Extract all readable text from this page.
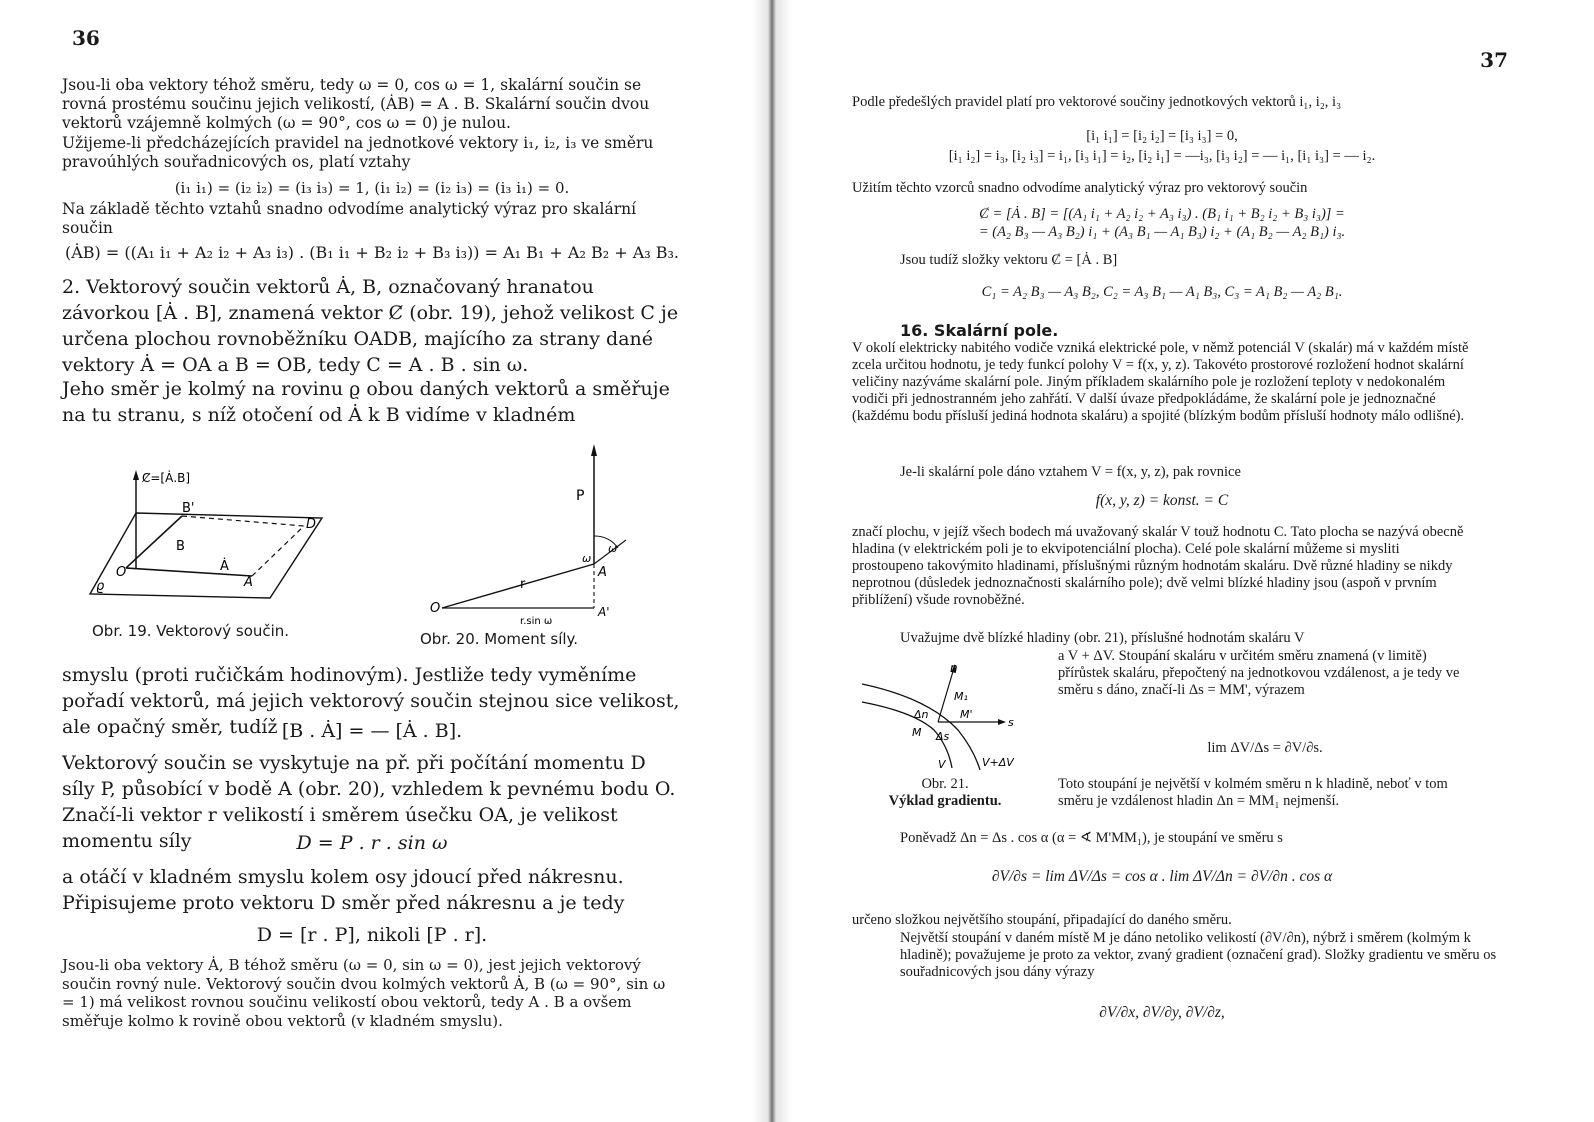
36
Jsou-li oba vektory téhož směru, tedy ω = 0, cos ω = 1, skalární součin se rovná prostému součinu jejich velikostí, (ȦB) = A . B. Skalární součin dvou vektorů vzájemně kolmých (ω = 90°, cos ω = 0) je nulou.
Užijeme-li předcházejících pravidel na jednotkové vektory i₁, i₂, i₃ ve směru pravoúhlých souřadnicových os, platí vztahy
(i₁ i₁) = (i₂ i₂) = (i₃ i₃) = 1, (i₁ i₂) = (i₂ i₃) = (i₃ i₁) = 0.
Na základě těchto vztahů snadno odvodíme analytický výraz pro skalární součin
(ȦB) = ((A₁ i₁ + A₂ i₂ + A₃ i₃) . (B₁ i₁ + B₂ i₂ + B₃ i₃)) = A₁ B₁ + A₂ B₂ + A₃ B₃.
2. Vektorový součin vektorů Ȧ, B, označovaný hranatou závorkou [Ȧ . B], znamená vektor Ȼ (obr. 19), jehož velikost C je určena plochou rovnoběžníku OADB, majícího za strany dané vektory Ȧ = OA a B = OB, tedy C = A . B . sin ω.
Jeho směr je kolmý na rovinu ϱ obou daných vektorů a směřuje na tu stranu, s níž otočení od Ȧ k B vidíme v kladném
Ȼ=[Ȧ.B]
B'
D
B
O	Ȧ
A
ϱ
Obr. 19. Vektorový součin.
P
ω
ω
r
A
O	A'
r.sin ω
Obr. 20. Moment síly.
smyslu (proti ručičkám hodinovým). Jestliže tedy vyměníme pořadí vektorů, má jejich vektorový součin stejnou sice velikost, ale opačný směr, tudíž [B . Ȧ] = — [Ȧ . B].
Vektorový součin se vyskytuje na př. při počítání momentu D síly P, působící v bodě A (obr. 20), vzhledem k pevnému bodu O. Značí-li vektor r velikostí i směrem úsečku OA, je velikost momentu síly	D = P . r . sin ω
a otáčí v kladném smyslu kolem osy jdoucí před nákresnu. Připisujeme proto vektoru D směr před nákresnu a je tedy
D = [r . P], nikoli [P . r].
Jsou-li oba vektory Ȧ, B téhož směru (ω = 0, sin ω = 0), jest jejich vektorový součin rovný nule. Vektorový součin dvou kolmých vektorů Ȧ, B (ω = 90°, sin ω = 1) má velikost rovnou součinu velikostí obou vektorů, tedy A . B a ovšem směřuje kolmo k rovině obou vektorů (v kladném smyslu).
37
Podle předešlých pravidel platí pro vektorové součiny jednotkových vektorů i₁, i₂, i₃
[i₁ i₁] = [i₂ i₂] = [i₃ i₃] = 0,
[i₁ i₂] = i₃, [i₂ i₃] = i₁, [i₃ i₁] = i₂, [i₂ i₁] = —i₃, [i₃ i₂] = — i₁, [i₁ i₃] = — i₂.
Užitím těchto vzorců snadno odvodíme analytický výraz pro vektorový součin
Ȼ = [Ȧ . B] = [(A₁ i₁ + A₂ i₂ + A₃ i₃) . (B₁ i₁ + B₂ i₂ + B₃ i₃)] =
= (A₂ B₃ — A₃ B₂) i₁ + (A₃ B₁ — A₁ B₃) i₂ + (A₁ B₂ — A₂ B₁) i₃.
Jsou tudíž složky vektoru Ȼ = [Ȧ . B]
C₁ = A₂ B₃ — A₃ B₂, C₂ = A₃ B₁ — A₁ B₃, C₃ = A₁ B₂ — A₂ B₁.
16. Skalární pole.
V okolí elektricky nabitého vodiče vzniká elektrické pole, v němž potenciál V (skalár) má v každém místě zcela určitou hodnotu, je tedy funkcí polohy V = f(x, y, z). Takovéto prostorové rozložení hodnot skalární veličiny nazýváme skalární pole. Jiným příkladem skalárního pole je rozložení teploty v nedokonalém vodiči při jednostranném jeho zahřátí. V další úvaze předpokládáme, že skalární pole je jednoznačné (každému bodu přísluší jediná hodnota skaláru) a spojité (blízkým bodům přísluší hodnoty málo odlišné).
Je-li skalární pole dáno vztahem V = f(x, y, z), pak rovnice
f(x, y, z) = konst. = C
značí plochu, v jejíž všech bodech má uvažovaný skalár V touž hodnotu C. Tato plocha se nazývá obecně hladina (v elektrickém poli je to ekvipotenciální plocha). Celé pole skalární můžeme si mysliti prostoupeno takovýmito hladinami, příslušnými různým hodnotám skaláru. Dvě různé hladiny se nikdy neprotnou (důsledek jednoznačnosti skalárního pole); dvě velmi blízké hladiny jsou (aspoň v prvním přiblížení) všude rovnoběžné.
Uvažujme dvě blízké hladiny (obr. 21), příslušné hodnotám skaláru V
n
M₁
Δn	M'
s
M Δs
V	V+ΔV
a V + ΔV. Stoupání skaláru v určitém směru znamená (v limitě) přírůstek skaláru, přepočtený na jednotkovou vzdálenost, a je tedy ve směru s dáno, značí-li Δs = MM', výrazem
lim ΔV/Δs = ∂V/∂s.
Obr. 21.
Výklad gradientu.
Toto stoupání je největší v kolmém směru n k hladině, neboť v tom směru je vzdálenost hladin Δn = MM₁ nejmenší.
Poněvadž Δn = Δs . cos α (α = ∢ M'MM₁), je stoupání ve směru s
∂V/∂s = lim ΔV/Δs = cos α . lim ΔV/Δn = ∂V/∂n . cos α
určeno složkou největšího stoupání, připadající do daného směru.
Největší stoupání v daném místě M je dáno netoliko velikostí (∂V/∂n), nýbrž i směrem (kolmým k hladině); považujeme je proto za vektor, zvaný gradient (označení grad). Složky gradientu ve směru os souřadnicových jsou dány výrazy
∂V/∂x, ∂V/∂y, ∂V/∂z,
